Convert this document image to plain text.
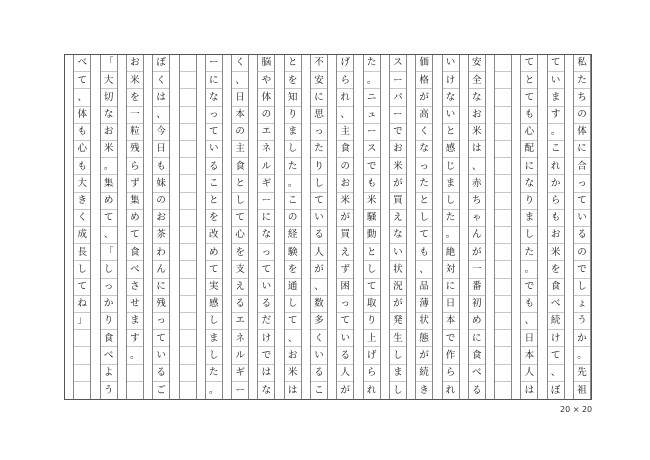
私
た
ち
の
体
に
合
っ
て
い
る
の
で
し
ょ
う
か
。
先
祖
て
い
ま
す
。
こ
れ
か
ら
も
お
米
を
食
べ
続
け
て
、
ぼ
て
と
て
も
心
配
に
な
り
ま
し
た
。
で
も
、
日
本
人
は
安
全
な
お
米
は
、
赤
ち
ゃ
ん
が
一
番
初
め
に
食
べ
る
い
け
な
い
と
感
じ
ま
し
た
。
絶
対
に
日
本
で
作
ら
れ
価
格
が
高
く
な
っ
た
と
し
て
も
、
品
薄
状
態
が
続
き
ス
ー
パ
ー
で
お
米
が
買
え
な
い
状
況
が
発
生
し
ま
し
た
。
ニ
ュ
ー
ス
で
も
米
騒
動
と
し
て
取
り
上
げ
ら
れ
げ
ら
れ
、
主
食
の
お
米
が
買
え
ず
困
っ
て
い
る
人
が
不
安
に
思
っ
た
り
し
て
い
る
人
が
、
数
多
く
い
る
こ
と
を
知
り
ま
し
た
。
こ
の
経
験
を
通
し
て
、
お
米
は
脳
や
体
の
エ
ネ
ル
ギ
ー
に
な
っ
て
い
る
だ
け
で
は
な
く
、
日
本
の
主
食
と
し
て
心
を
支
え
る
エ
ネ
ル
ギ
ー
ー
に
な
っ
て
い
る
こ
と
を
改
め
て
実
感
し
ま
し
た
。
ぼ
く
は
、
今
日
も
妹
の
お
茶
わ
ん
に
残
っ
て
い
る
ご
お
米
を
一
粒
残
ら
ず
集
め
て
食
べ
さ
せ
ま
す
。
「
大
切
な
お
米
。
集
め
て
、
「
し
っ
か
り
食
べ
よ
う
べ
て
、
体
も
心
も
大
き
く
成
長
し
て
ね
」
20 × 20
